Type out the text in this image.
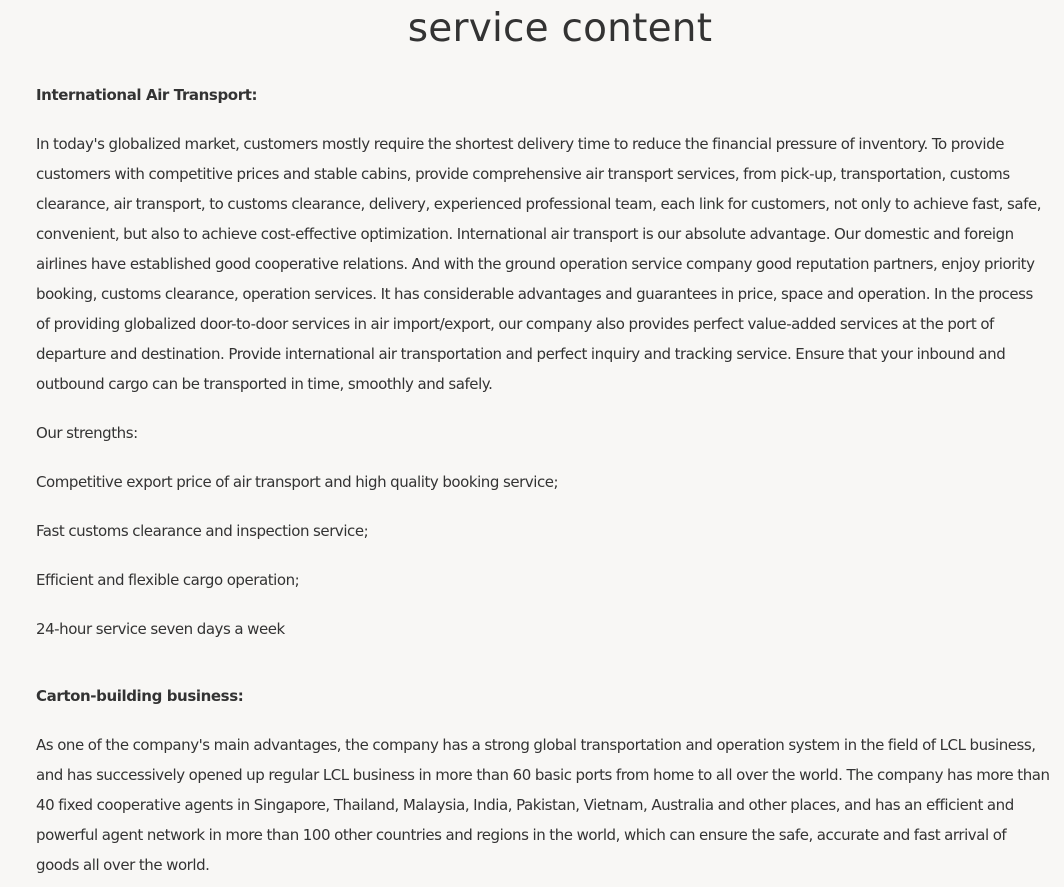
service content

International Air Transport:

In today's globalized market, customers mostly require the shortest delivery time to reduce the financial pressure of inventory. To provide customers with competitive prices and stable cabins, provide comprehensive air transport services, from pick-up, transportation, customs clearance, air transport, to customs clearance, delivery, experienced professional team, each link for customers, not only to achieve fast, safe, convenient, but also to achieve cost-effective optimization. International air transport is our absolute advantage. Our domestic and foreign airlines have established good cooperative relations. And with the ground operation service company good reputation partners, enjoy priority booking, customs clearance, operation services. It has considerable advantages and guarantees in price, space and operation. In the process of providing globalized door-to-door services in air import/export, our company also provides perfect value-added services at the port of departure and destination. Provide international air transportation and perfect inquiry and tracking service. Ensure that your inbound and outbound cargo can be transported in time, smoothly and safely.

Our strengths:

Competitive export price of air transport and high quality booking service;

Fast customs clearance and inspection service;

Efficient and flexible cargo operation;

24-hour service seven days a week

Carton-building business:

As one of the company's main advantages, the company has a strong global transportation and operation system in the field of LCL business, and has successively opened up regular LCL business in more than 60 basic ports from home to all over the world. The company has more than 40 fixed cooperative agents in Singapore, Thailand, Malaysia, India, Pakistan, Vietnam, Australia and other places, and has an efficient and powerful agent network in more than 100 other countries and regions in the world, which can ensure the safe, accurate and fast arrival of goods all over the world.
